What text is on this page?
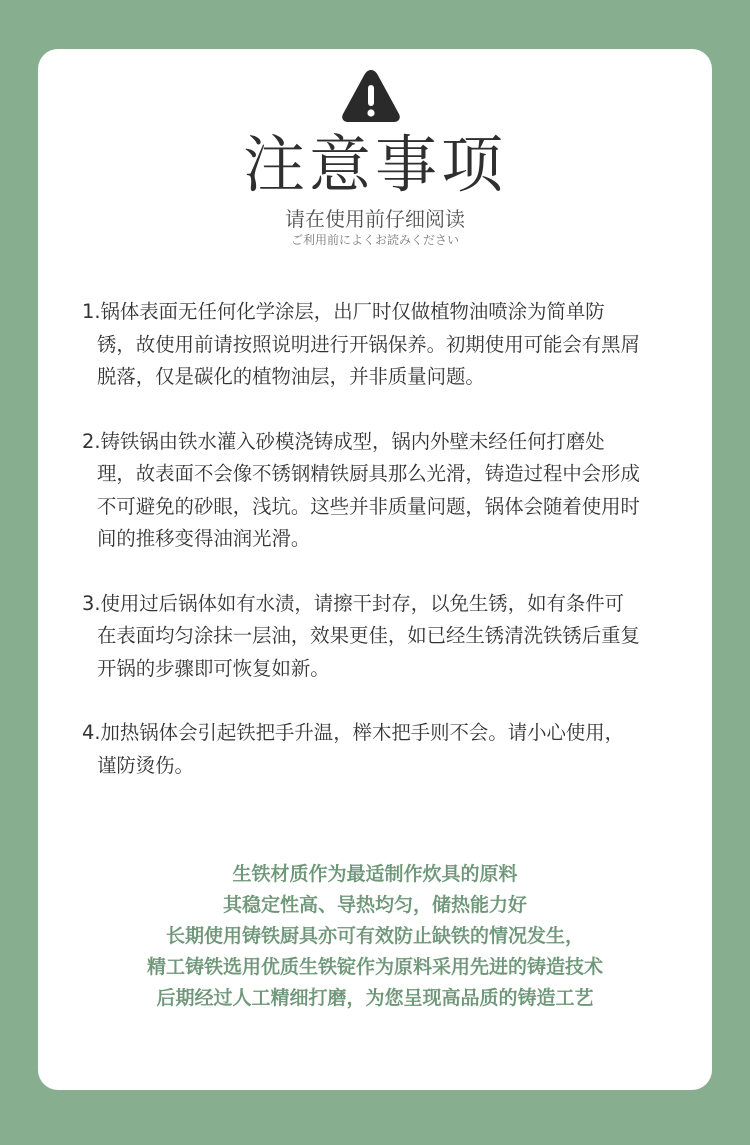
注意事项
请在使用前仔细阅读
ご利用前によくお読みください
1.锅体表面无任何化学涂层，出厂时仅做植物油喷涂为简单防锈，故使用前请按照说明进行开锅保养。初期使用可能会有黑屑脱落，仅是碳化的植物油层，并非质量问题。
2.铸铁锅由铁水灌入砂模浇铸成型，锅内外壁未经任何打磨处理，故表面不会像不锈钢精铁厨具那么光滑，铸造过程中会形成不可避免的砂眼，浅坑。这些并非质量问题，锅体会随着使用时间的推移变得油润光滑。
3.使用过后锅体如有水渍，请擦干封存，以免生锈，如有条件可在表面均匀涂抹一层油，效果更佳，如已经生锈清洗铁锈后重复开锅的步骤即可恢复如新。
4.加热锅体会引起铁把手升温，榉木把手则不会。请小心使用，谨防烫伤。
生铁材质作为最适制作炊具的原料
其稳定性高、导热均匀，储热能力好
长期使用铸铁厨具亦可有效防止缺铁的情况发生，
精工铸铁选用优质生铁锭作为原料采用先进的铸造技术
后期经过人工精细打磨，为您呈现高品质的铸造工艺
